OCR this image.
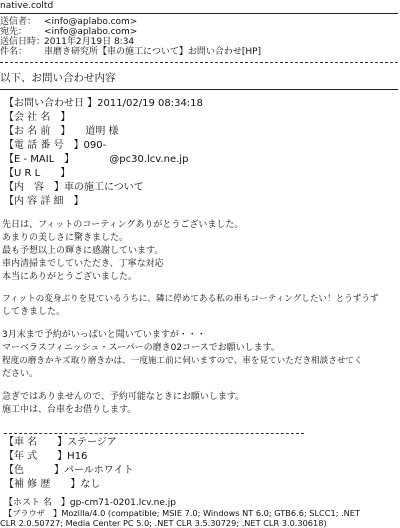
native.coltd
送信者： <info@aplabo.com>
宛先： <info@aplabo.com>
送信日時：2011年2月19日 8:34
件名： 車磨き研究所【車の施工について】お問い合わせ[HP]
以下、お問い合わせ内容
【お問い合わせ日 】2011/02/19 08:34:18
【会 社 名　】
【お 名 前　】　　道明 様
【電 話 番 号　】090-
【E - MAIL　】　　　　@pc30.lcv.ne.jp
【U R L　　】
【内　容　】車の施工について
【内 容 詳 細　】
先日は、フィットのコーティングありがとうございました。
あまりの美しさに驚きました。
最も予想以上の輝きに感謝しています。
車内清掃までしていただき、丁寧な対応
本当にありがとうございました。
フィットの変身ぶりを見ているうちに、隣に停めてある私の車もコーティングしたい！とうずうず
してきました。
3月末まで予約がいっぱいと聞いていますが・・・
マーベラスフィニッシュ・スーパーの磨き02コースでお願いします。
程度の磨きかキズ取り磨きかは、一度施工前に伺いますので、車を見ていただき相談させてく
ださい。
急ぎではありませんので、予約可能なときにお願いします。
施工中は、台車をお借りします。
【車 名　　】ステージア
【年 式　　】H16
【色　　　】パールホワイト
【補 修 歴　　】なし
【ホスト 名　】gp-cm71-0201.lcv.ne.jp
【ブラウザ　】Mozilla/4.0 (compatible; MSIE 7.0; Windows NT 6.0; GTB6.6; SLCC1; .NET
CLR 2.0.50727; Media Center PC 5.0; .NET CLR 3.5.30729; .NET CLR 3.0.30618)
